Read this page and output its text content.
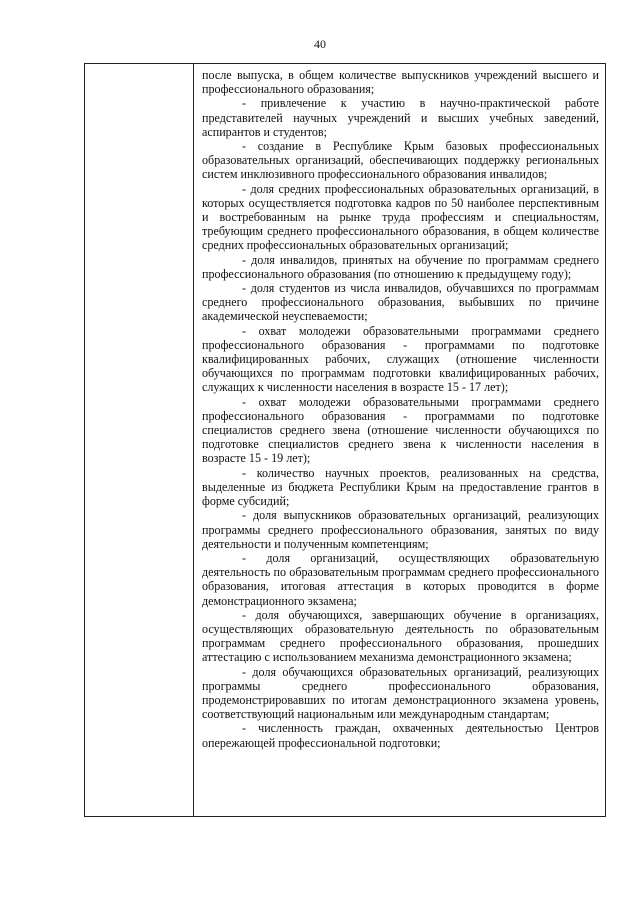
40

после выпуска, в общем количестве выпускников учреждений высшего и профессионального образования;

- привлечение к участию в научно-практической работе представителей научных учреждений и высших учебных заведений, аспирантов и студентов;

- создание в Республике Крым базовых профессиональных образовательных организаций, обеспечивающих поддержку региональных систем инклюзивного профессионального образования инвалидов;

- доля средних профессиональных образовательных организаций, в которых осуществляется подготовка кадров по 50 наиболее перспективным и востребованным на рынке труда профессиям и специальностям, требующим среднего профессионального образования, в общем количестве средних профессиональных образовательных организаций;

- доля инвалидов, принятых на обучение по программам среднего профессионального образования (по отношению к предыдущему году);

- доля студентов из числа инвалидов, обучавшихся по программам среднего профессионального образования, выбывших по причине академической неуспеваемости;

- охват молодежи образовательными программами среднего профессионального образования - программами по подготовке квалифицированных рабочих, служащих (отношение численности обучающихся по программам подготовки квалифицированных рабочих, служащих к численности населения в возрасте 15 - 17 лет);

- охват молодежи образовательными программами среднего профессионального образования - программами по подготовке специалистов среднего звена (отношение численности обучающихся по подготовке специалистов среднего звена к численности населения в возрасте 15 - 19 лет);

- количество научных проектов, реализованных на средства, выделенные из бюджета Республики Крым на предоставление грантов в форме субсидий;

- доля выпускников образовательных организаций, реализующих программы среднего профессионального образования, занятых по виду деятельности и полученным компетенциям;

- доля организаций, осуществляющих образовательную деятельность по образовательным программам среднего профессионального образования, итоговая аттестация в которых проводится в форме демонстрационного экзамена;

- доля обучающихся, завершающих обучение в организациях, осуществляющих образовательную деятельность по образовательным программам среднего профессионального образования, прошедших аттестацию с использованием механизма демонстрационного экзамена;

- доля обучающихся образовательных организаций, реализующих программы среднего профессионального образования, продемонстрировавших по итогам демонстрационного экзамена уровень, соответствующий национальным или международным стандартам;

- численность граждан, охваченных деятельностью Центров опережающей профессиональной подготовки;
